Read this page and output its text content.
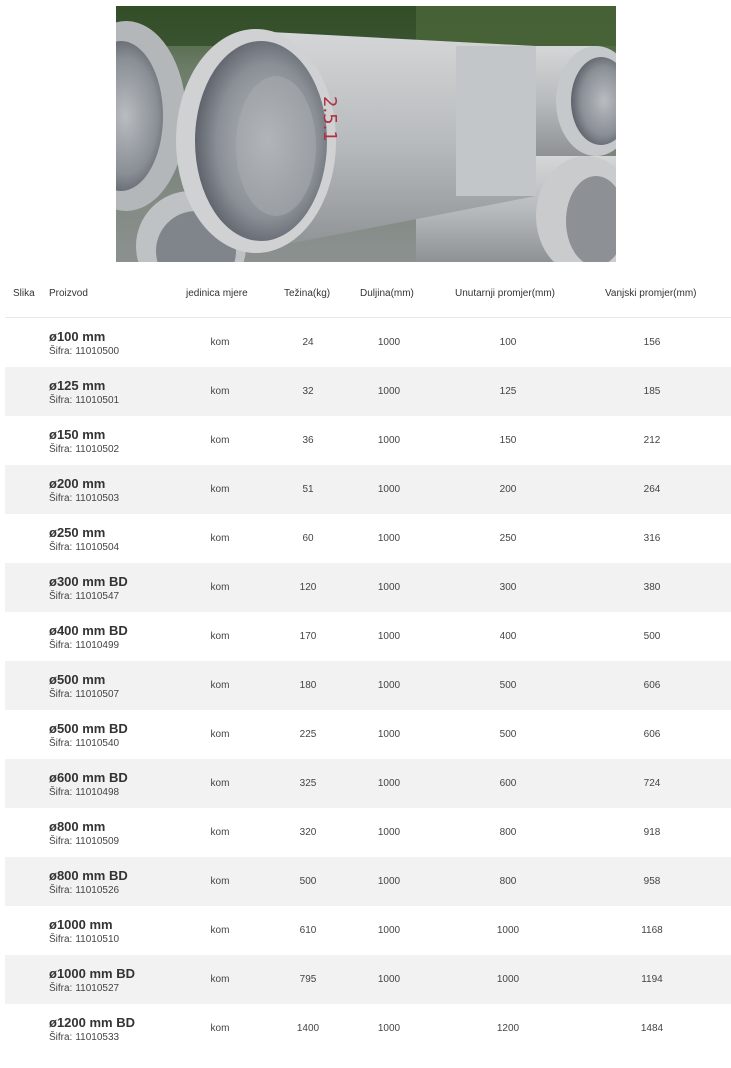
2.5.1
Slika Proizvod	jedinica mjere	Težina(kg)	Duljina(mm)	Unutarnji promjer(mm)	Vanjski promjer(mm)
ø100 mm
Šifra: 11010500
kom	24	1000	100	156
ø125 mm
Šifra: 11010501
kom	32	1000	125	185
ø150 mm
Šifra: 11010502
kom	36	1000	150	212
ø200 mm
Šifra: 11010503
kom	51	1000	200	264
ø250 mm
Šifra: 11010504
kom	60	1000	250	316
ø300 mm BD
Šifra: 11010547
kom	120	1000	300	380
ø400 mm BD
Šifra: 11010499
kom	170	1000	400	500
ø500 mm
Šifra: 11010507
kom	180	1000	500	606
ø500 mm BD
Šifra: 11010540
kom	225	1000	500	606
ø600 mm BD
Šifra: 11010498
kom	325	1000	600	724
ø800 mm
Šifra: 11010509
kom	320	1000	800	918
ø800 mm BD
Šifra: 11010526
kom	500	1000	800	958
ø1000 mm
Šifra: 11010510
kom	610	1000	1000	1168
ø1000 mm BD
Šifra: 11010527
kom	795	1000	1000	1194
ø1200 mm BD
Šifra: 11010533
kom	1400	1000	1200	1484
